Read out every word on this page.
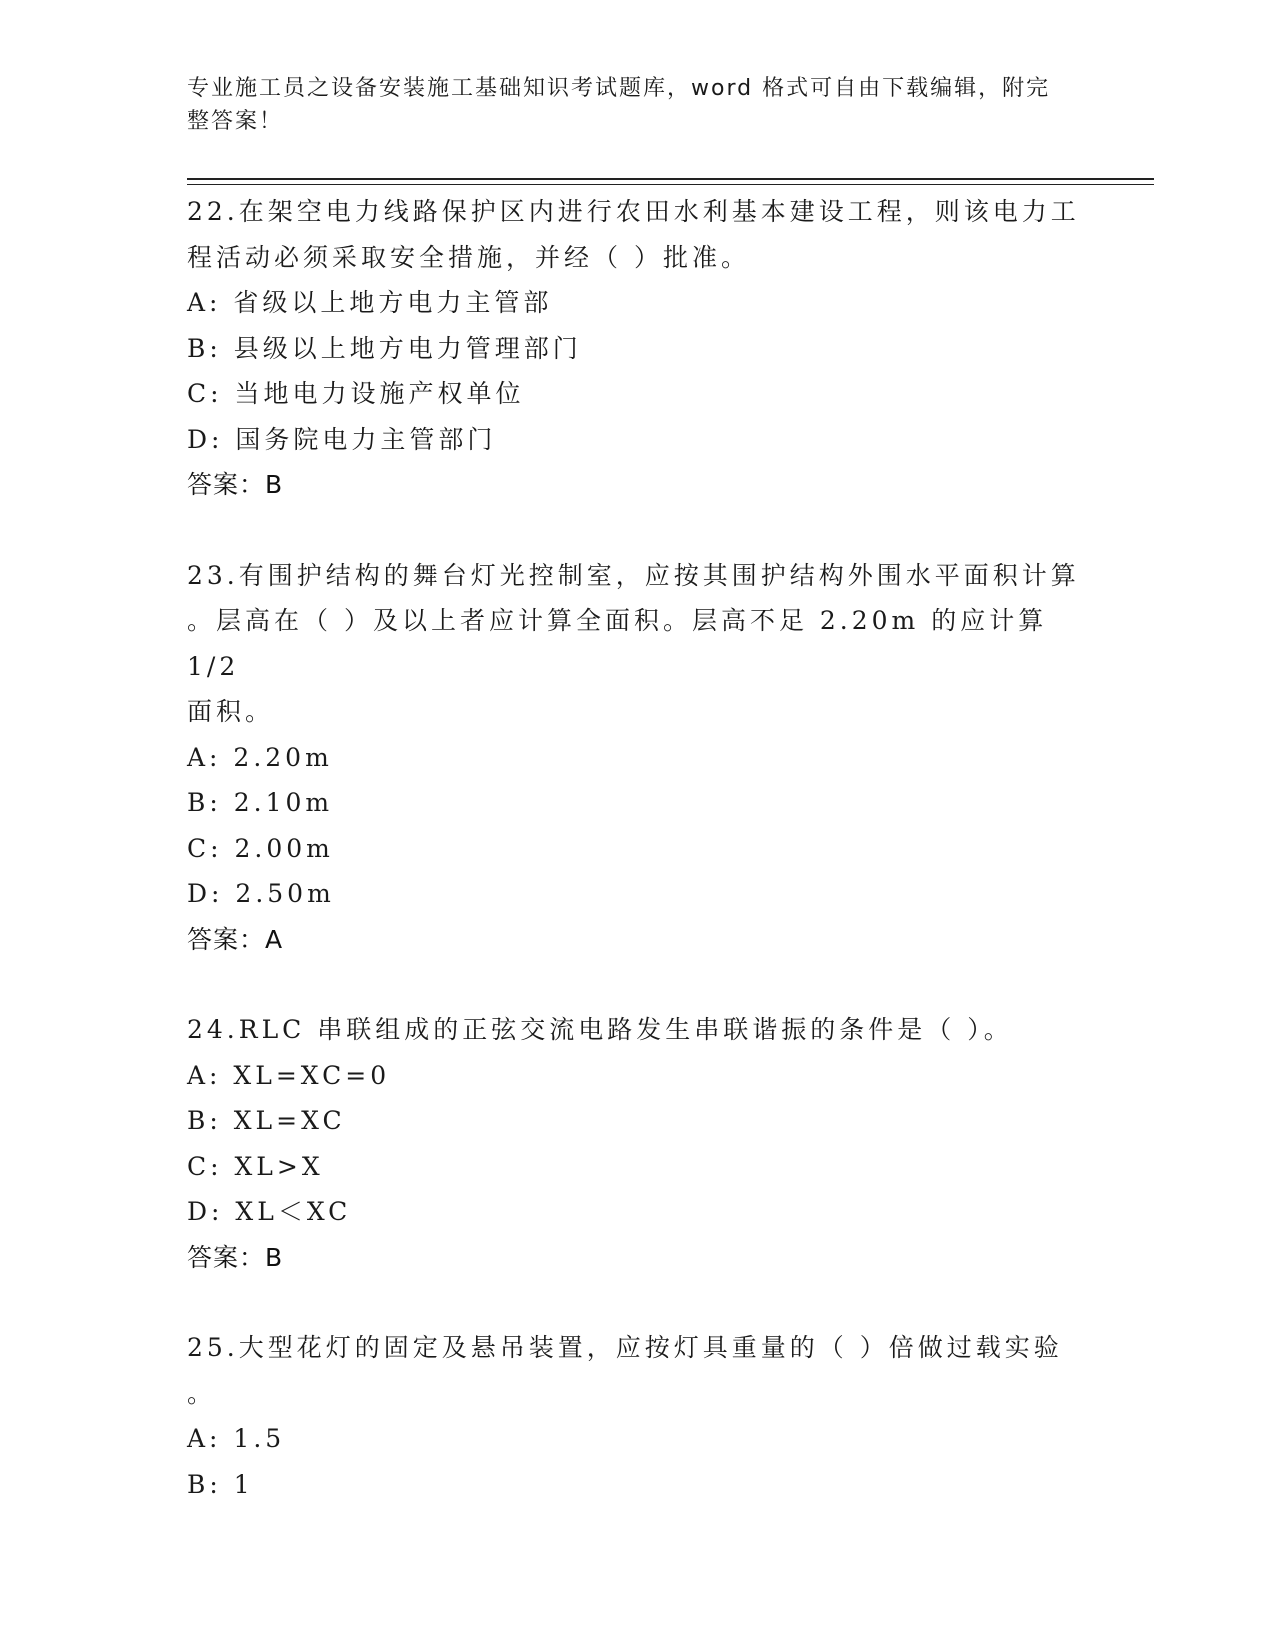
专业施工员之设备安装施工基础知识考试题库，word 格式可自由下载编辑，附完整答案！

22.在架空电力线路保护区内进行农田水利基本建设工程，则该电力工

程活动必须采取安全措施，并经（ ）批准。

A: 省级以上地方电力主管部

B: 县级以上地方电力管理部门

C: 当地电力设施产权单位

D: 国务院电力主管部门

答案：B

23.有围护结构的舞台灯光控制室，应按其围护结构外围水平面积计算

。层高在（ ）及以上者应计算全面积。层高不足 2.20m 的应计算 1/2

面积。

A: 2.20m

B: 2.10m

C: 2.00m

D: 2.50m

答案：A

24.RLC 串联组成的正弦交流电路发生串联谐振的条件是（ ）。

A: XL=XC=0

B: XL=XC

C: XL>X

D: XL＜XC

答案：B

25.大型花灯的固定及悬吊装置，应按灯具重量的（ ）倍做过载实验

。

A: 1.5

B: 1
